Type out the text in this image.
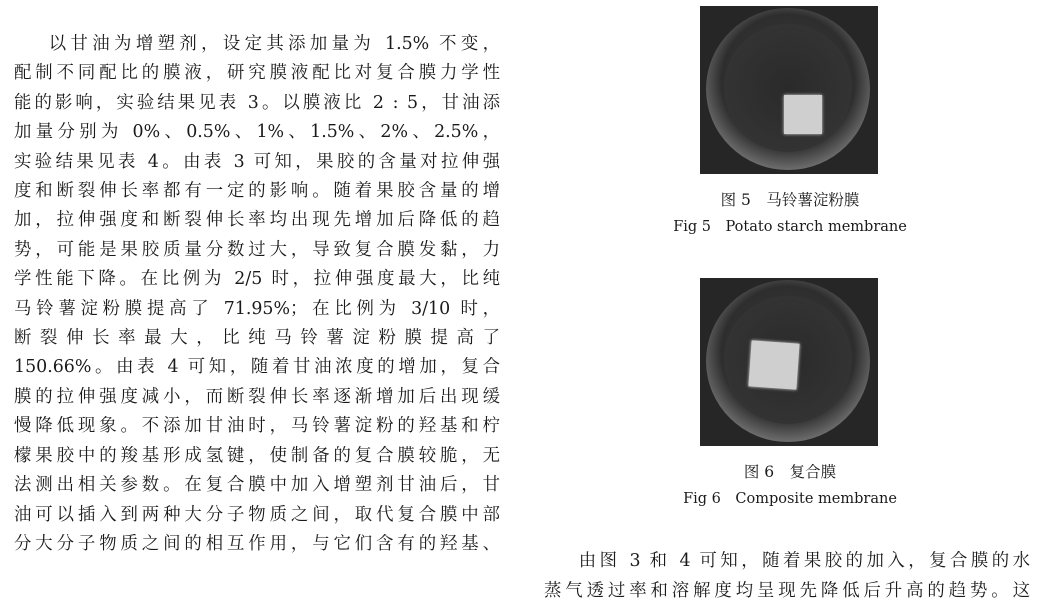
以甘油为增塑剂，设定其添加量为 1.5% 不变，
配制不同配比的膜液，研究膜液配比对复合膜力学性
能的影响，实验结果见表 3。以膜液比 2 : 5，甘油添
加量分别为 0%、0.5%、1%、1.5%、2%、2.5%，
实验结果见表 4。由表 3 可知，果胶的含量对拉伸强
度和断裂伸长率都有一定的影响。随着果胶含量的增
加，拉伸强度和断裂伸长率均出现先增加后降低的趋
势，可能是果胶质量分数过大，导致复合膜发黏，力
学性能下降。在比例为 2/5 时，拉伸强度最大，比纯
马铃薯淀粉膜提高了 71.95%；在比例为 3/10 时，
断裂伸长率最大，比纯马铃薯淀粉膜提高了
150.66%。由表 4 可知，随着甘油浓度的增加，复合
膜的拉伸强度减小，而断裂伸长率逐渐增加后出现缓
慢降低现象。不添加甘油时，马铃薯淀粉的羟基和柠
檬果胶中的羧基形成氢键，使制备的复合膜较脆，无
法测出相关参数。在复合膜中加入增塑剂甘油后，甘
油可以插入到两种大分子物质之间，取代复合膜中部
分大分子物质之间的相互作用，与它们含有的羟基、

图 5　马铃薯淀粉膜
Fig 5　Potato starch membrane
图 6　复合膜
Fig 6　Composite membrane
由图 3 和 4 可知，随着果胶的加入，复合膜的水
蒸气透过率和溶解度均呈现先降低后升高的趋势。这
